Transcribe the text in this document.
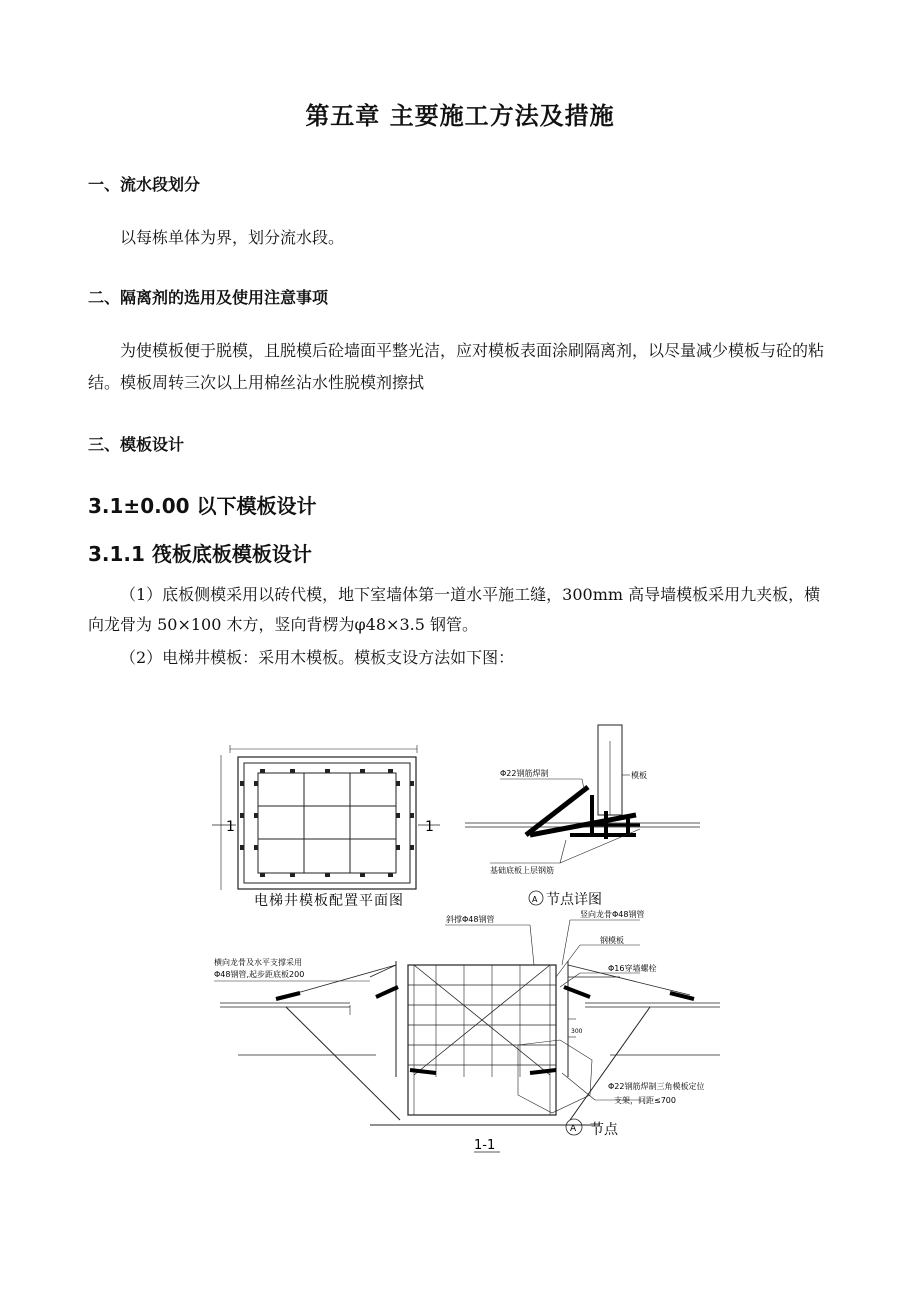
第五章 主要施工方法及措施
一、流水段划分
以每栋单体为界，划分流水段。
二、隔离剂的选用及使用注意事项
为使模板便于脱模，且脱模后砼墙面平整光洁，应对模板表面涂刷隔离剂，以尽量减少模板与砼的粘结。模板周转三次以上用棉丝沾水性脱模剂擦拭
三、模板设计
3.1±0.00 以下模板设计
3.1.1 筏板底板模板设计
（1）底板侧模采用以砖代模，地下室墙体第一道水平施工缝，300mm 高导墙模板采用九夹板，横向龙骨为 50×100 木方，竖向背楞为φ48×3.5 钢管。
（2）电梯井模板：采用木模板。模板支设方法如下图：
1	1
电梯井模板配置平面图
Φ22钢筋焊制	模板
基础底板上层钢筋
A 节点详图
斜撑Φ48钢管
竖向龙骨Φ48钢管
钢模板
Φ16穿墙螺栓
横向龙骨及水平支撑采用
Φ48钢管,起步距底板200
Φ22钢筋焊制三角模板定位
支架，间距≤700
300
A 节点
1-1
